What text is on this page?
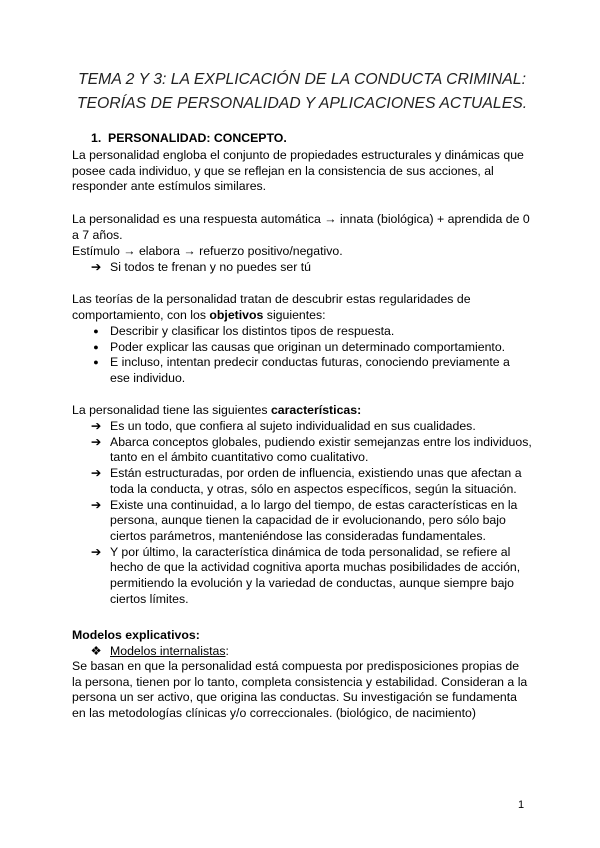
TEMA 2 Y 3: LA EXPLICACIÓN DE LA CONDUCTA CRIMINAL:
TEORÍAS DE PERSONALIDAD Y APLICACIONES ACTUALES.
1. PERSONALIDAD: CONCEPTO.

La personalidad engloba el conjunto de propiedades estructurales y dinámicas que posee cada individuo, y que se reflejan en la consistencia de sus acciones, al responder ante estímulos similares.

La personalidad es una respuesta automática → innata (biológica) + aprendida de 0 a 7 años.

Estímulo → elabora → refuerzo positivo/negativo.

➔ Si todos te frenan y no puedes ser tú

Las teorías de la personalidad tratan de descubrir estas regularidades de comportamiento, con los objetivos siguientes:

● Describir y clasificar los distintos tipos de respuesta.
● Poder explicar las causas que originan un determinado comportamiento.
● E incluso, intentan predecir conductas futuras, conociendo previamente a ese individuo.

La personalidad tiene las siguientes características:

➔ Es un todo, que confiera al sujeto individualidad en sus cualidades.
➔ Abarca conceptos globales, pudiendo existir semejanzas entre los individuos, tanto en el ámbito cuantitativo como cualitativo.
➔ Están estructuradas, por orden de influencia, existiendo unas que afectan a toda la conducta, y otras, sólo en aspectos específicos, según la situación.
➔ Existe una continuidad, a lo largo del tiempo, de estas características en la persona, aunque tienen la capacidad de ir evolucionando, pero sólo bajo ciertos parámetros, manteniéndose las consideradas fundamentales.
➔ Y por último, la característica dinámica de toda personalidad, se refiere al hecho de que la actividad cognitiva aporta muchas posibilidades de acción, permitiendo la evolución y la variedad de conductas, aunque siempre bajo ciertos límites.

Modelos explicativos:

❖ Modelos internalistas:

Se basan en que la personalidad está compuesta por predisposiciones propias de la persona, tienen por lo tanto, completa consistencia y estabilidad. Consideran a la persona un ser activo, que origina las conductas. Su investigación se fundamenta en las metodologías clínicas y/o correccionales. (biológico, de nacimiento)

1
